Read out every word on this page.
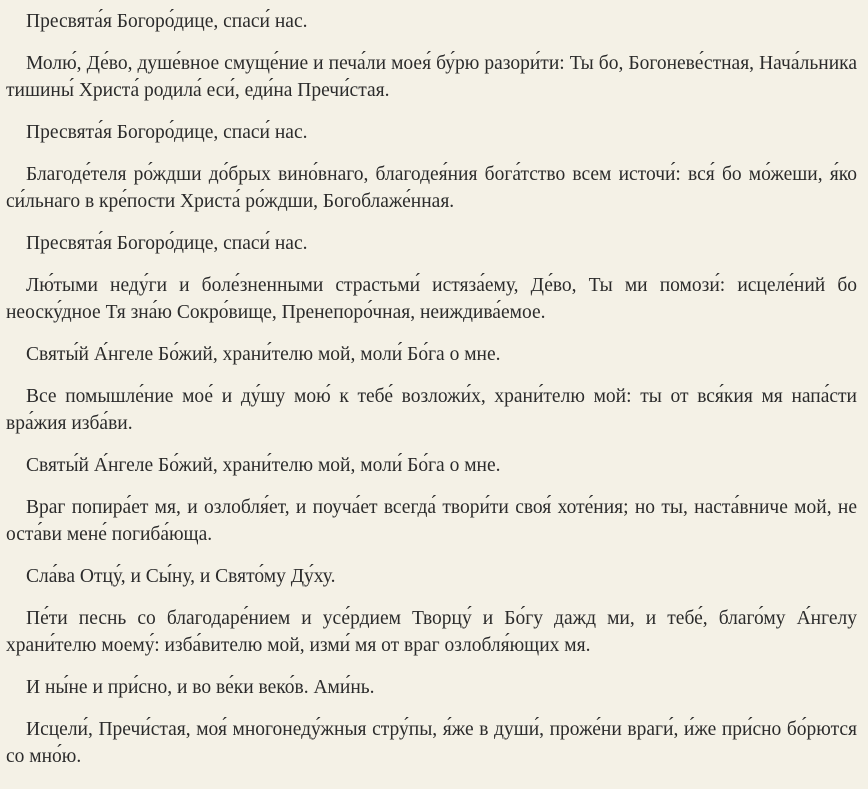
Пресвята́я Богоро́дице, спаси́ нас.

Молю́, Де́во, душе́вное смуще́ние и печа́ли моея́ бу́рю разори́ти: Ты бо, Богоневе́стная, Нача́льника тишины́ Христа́ родила́ еси́, еди́на Пречи́стая.

Пресвята́я Богоро́дице, спаси́ нас.

Благоде́теля ро́ждши до́брых вино́внаго, благодея́ния бога́тство всем источи́: вся́ бо мо́жеши, я́ко си́льнаго в кре́пости Христа́ ро́ждши, Богоблаже́нная.

Пресвята́я Богоро́дице, спаси́ нас.

Лю́тыми неду́ги и боле́зненными страстьми́ истяза́ему, Де́во, Ты ми помози́: исцеле́ний бо неоску́дное Тя зна́ю Сокро́вище, Пренепоро́чная, неиждива́емое.

Святы́й А́нгеле Бо́жий, храни́телю мой, моли́ Бо́га о мне.

Все помышле́ние мое́ и ду́шу мою́ к тебе́ возложи́х, храни́телю мой: ты от вся́кия мя напа́сти вра́жия изба́ви.

Святы́й А́нгеле Бо́жий, храни́телю мой, моли́ Бо́га о мне.

Враг попира́ет мя, и озлобля́ет, и поуча́ет всегда́ твори́ти своя́ хоте́ния; но ты, наста́вниче мой, не оста́ви мене́ погиба́юща.

Сла́ва Отцу́, и Сы́ну, и Свято́му Ду́ху.

Пе́ти песнь со благодаре́нием и усе́рдием Творцу́ и Бо́гу дажд ми, и тебе́, благо́му А́нгелу храни́телю моему́: изба́вителю мой, изми́ мя от враг озлобля́ющих мя.

И ны́не и при́сно, и во ве́ки веко́в. Ами́нь.

Исцели́, Пречи́стая, моя́ многонеду́жныя стру́пы, я́же в души́, проже́ни враги́, и́же при́сно бо́рются со мно́ю.
